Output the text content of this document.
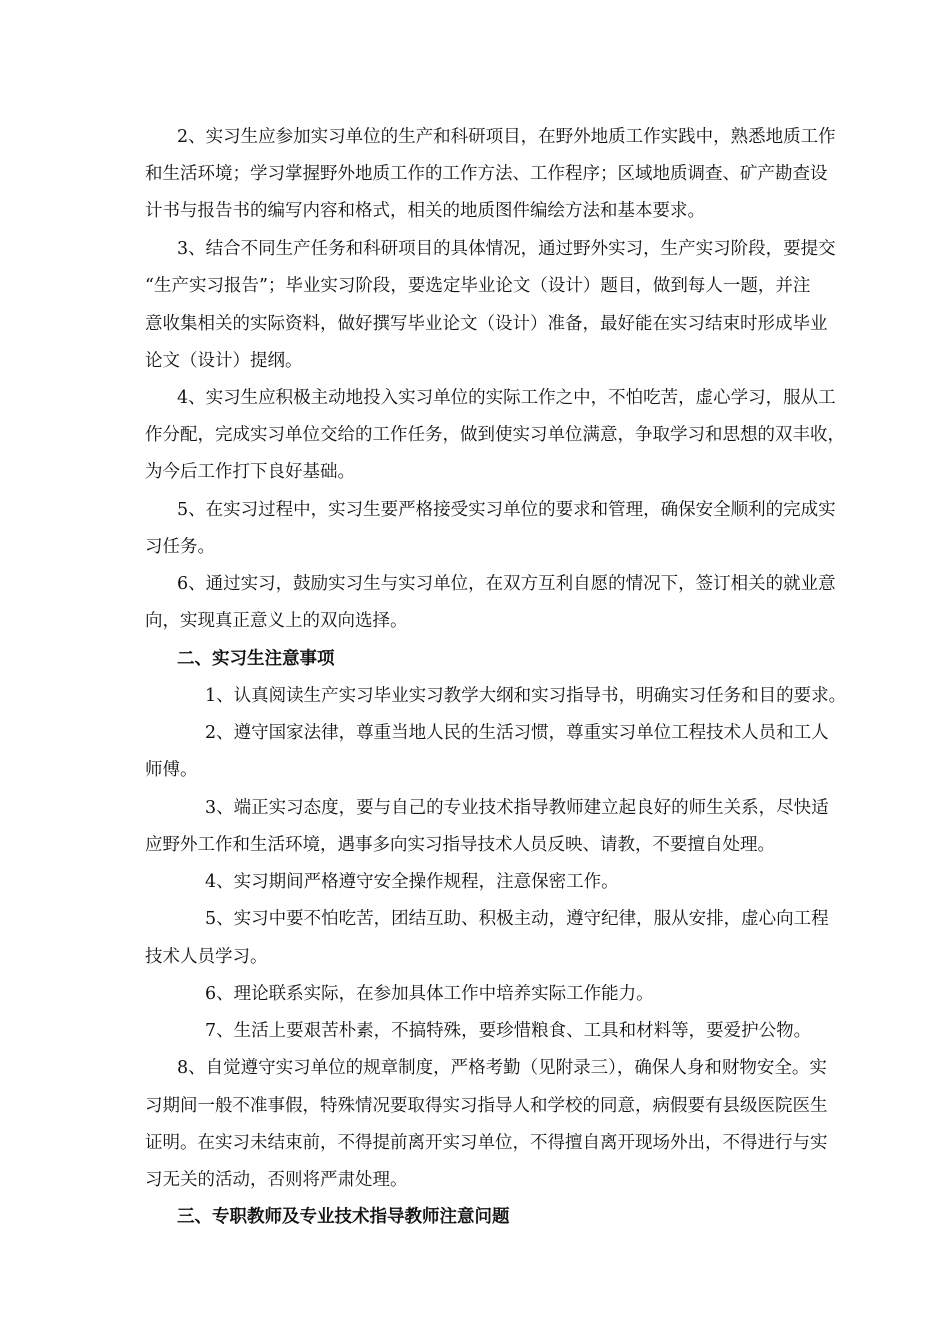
2、实习生应参加实习单位的生产和科研项目，在野外地质工作实践中，熟悉地质工作
和生活环境；学习掌握野外地质工作的工作方法、工作程序；区域地质调查、矿产勘查设
计书与报告书的编写内容和格式，相关的地质图件编绘方法和基本要求。
3、结合不同生产任务和科研项目的具体情况，通过野外实习，生产实习阶段，要提交
“生产实习报告”；毕业实习阶段，要选定毕业论文（设计）题目，做到每人一题，并注
意收集相关的实际资料，做好撰写毕业论文（设计）准备，最好能在实习结束时形成毕业
论文（设计）提纲。
4、实习生应积极主动地投入实习单位的实际工作之中，不怕吃苦，虚心学习，服从工
作分配，完成实习单位交给的工作任务，做到使实习单位满意，争取学习和思想的双丰收，
为今后工作打下良好基础。
5、在实习过程中，实习生要严格接受实习单位的要求和管理，确保安全顺利的完成实
习任务。
6、通过实习，鼓励实习生与实习单位，在双方互利自愿的情况下，签订相关的就业意
向，实现真正意义上的双向选择。
二、实习生注意事项
1、认真阅读生产实习毕业实习教学大纲和实习指导书，明确实习任务和目的要求。
2、遵守国家法律，尊重当地人民的生活习惯，尊重实习单位工程技术人员和工人
师傅。
3、端正实习态度，要与自己的专业技术指导教师建立起良好的师生关系，尽快适
应野外工作和生活环境，遇事多向实习指导技术人员反映、请教，不要擅自处理。
4、实习期间严格遵守安全操作规程，注意保密工作。
5、实习中要不怕吃苦，团结互助、积极主动，遵守纪律，服从安排，虚心向工程
技术人员学习。
6、理论联系实际，在参加具体工作中培养实际工作能力。
7、生活上要艰苦朴素，不搞特殊，要珍惜粮食、工具和材料等，要爱护公物。
8、自觉遵守实习单位的规章制度，严格考勤（见附录三），确保人身和财物安全。实
习期间一般不准事假，特殊情况要取得实习指导人和学校的同意，病假要有县级医院医生
证明。在实习未结束前，不得提前离开实习单位，不得擅自离开现场外出，不得进行与实
习无关的活动，否则将严肃处理。
三、专职教师及专业技术指导教师注意问题
